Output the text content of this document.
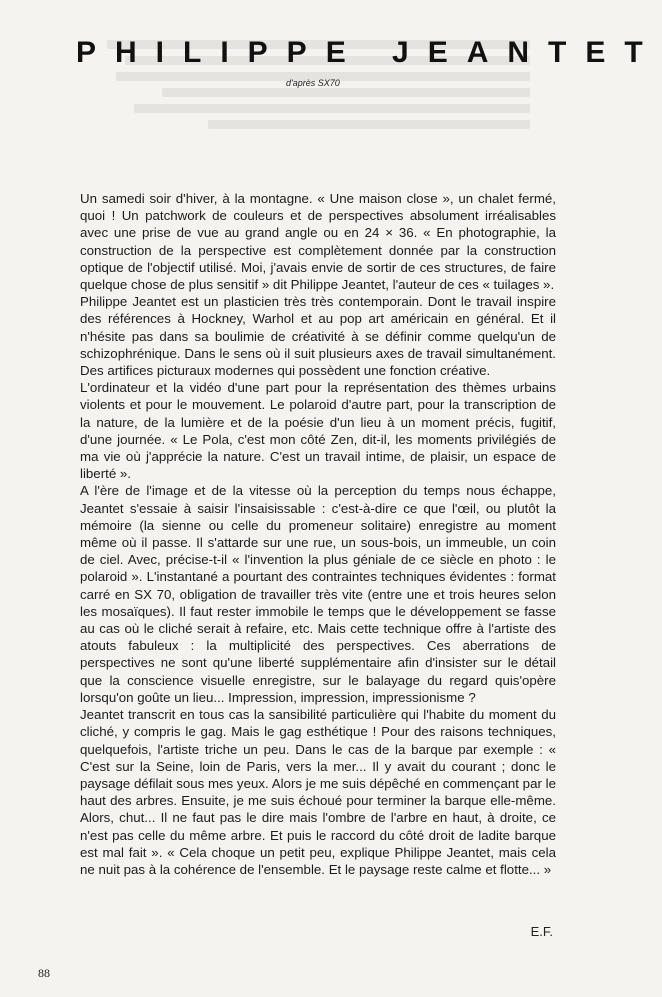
PHILIPPE JEANTET
d'après SX70

Un samedi soir d'hiver, à la montagne. « Une maison close », un chalet fermé, quoi ! Un patchwork de couleurs et de perspectives absolument irréalisables avec une prise de vue au grand angle ou en 24 × 36. « En photographie, la construction de la perspective est complètement donnée par la construction optique de l'objectif utilisé. Moi, j'avais envie de sortir de ces structures, de faire quelque chose de plus sensitif » dit Philippe Jeantet, l'auteur de ces « tuilages ».

Philippe Jeantet est un plasticien très très contemporain. Dont le travail inspire des références à Hockney, Warhol et au pop art américain en général. Et il n'hésite pas dans sa boulimie de créativité à se définir comme quelqu'un de schizophrénique. Dans le sens où il suit plusieurs axes de travail simultanément. Des artifices picturaux modernes qui possèdent une fonction créative.

L'ordinateur et la vidéo d'une part pour la représentation des thèmes urbains violents et pour le mouvement. Le polaroid d'autre part, pour la transcription de la nature, de la lumière et de la poésie d'un lieu à un moment précis, fugitif, d'une journée. « Le Pola, c'est mon côté Zen, dit-il, les moments privilégiés de ma vie où j'apprécie la nature. C'est un travail intime, de plaisir, un espace de liberté ».

A l'ère de l'image et de la vitesse où la perception du temps nous échappe, Jeantet s'essaie à saisir l'insaisissable : c'est-à-dire ce que l'œil, ou plutôt la mémoire (la sienne ou celle du promeneur solitaire) enregistre au moment même où il passe. Il s'attarde sur une rue, un sous-bois, un immeuble, un coin de ciel. Avec, précise-t-il « l'invention la plus géniale de ce siècle en photo : le polaroid ». L'instantané a pourtant des contraintes techniques évidentes : format carré en SX 70, obligation de travailler très vite (entre une et trois heures selon les mosaïques). Il faut rester immobile le temps que le développement se fasse au cas où le cliché serait à refaire, etc. Mais cette technique offre à l'artiste des atouts fabuleux : la multiplicité des perspectives. Ces aberrations de perspectives ne sont qu'une liberté supplémentaire afin d'insister sur le détail que la conscience visuelle enregistre, sur le balayage du regard quis'opère lorsqu'on goûte un lieu... Impression, impression, impressionisme ?

Jeantet transcrit en tous cas la sansibilité particulière qui l'habite du moment du cliché, y compris le gag. Mais le gag esthétique ! Pour des raisons techniques, quelquefois, l'artiste triche un peu. Dans le cas de la barque par exemple : « C'est sur la Seine, loin de Paris, vers la mer... Il y avait du courant ; donc le paysage défilait sous mes yeux. Alors je me suis dépêché en commençant par le haut des arbres. Ensuite, je me suis échoué pour terminer la barque elle-même. Alors, chut... Il ne faut pas le dire mais l'ombre de l'arbre en haut, à droite, ce n'est pas celle du même arbre. Et puis le raccord du côté droit de ladite barque est mal fait ». « Cela choque un petit peu, explique Philippe Jeantet, mais cela ne nuit pas à la cohérence de l'ensemble. Et le paysage reste calme et flotte... »

E.F.
88
